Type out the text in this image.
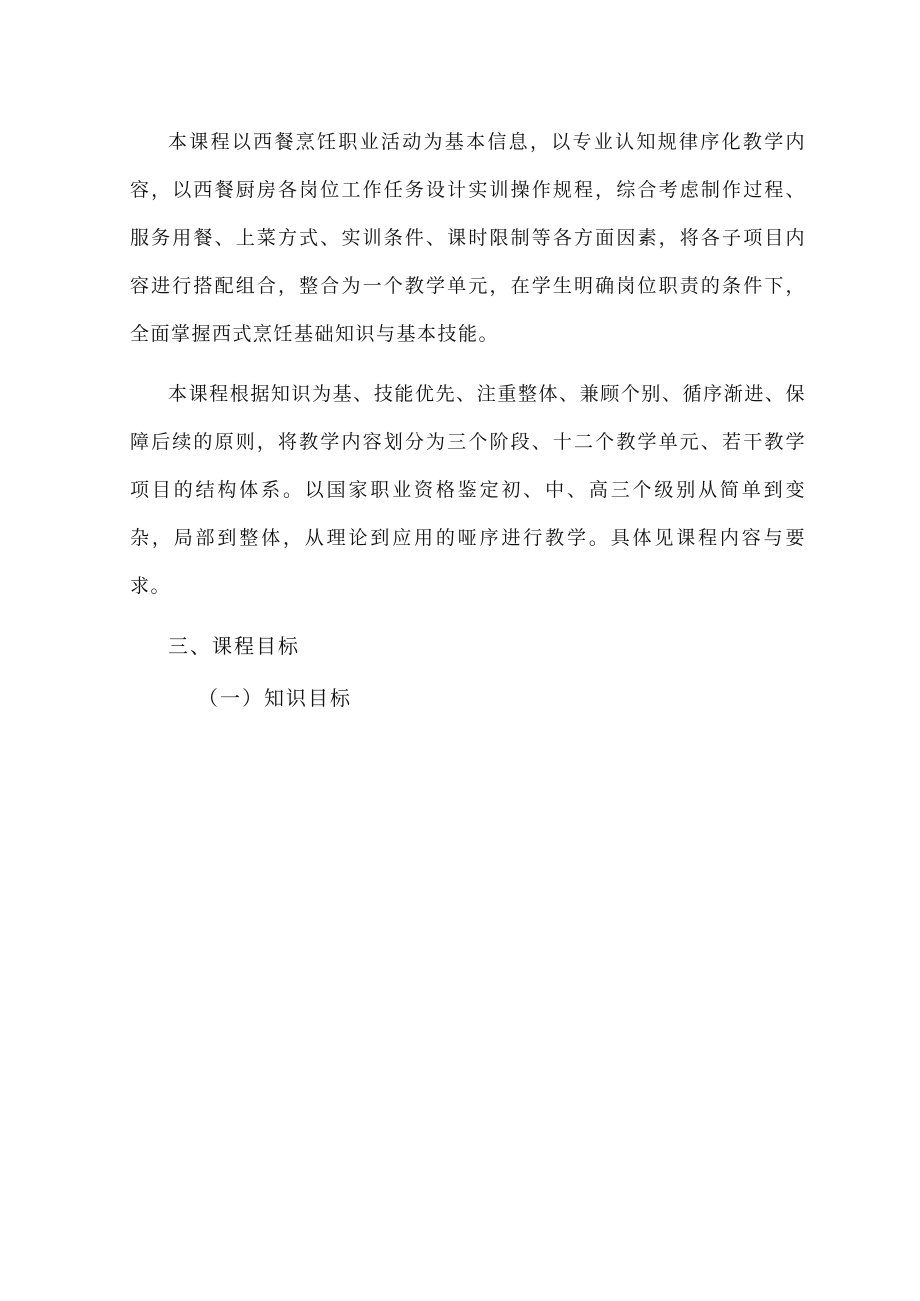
本课程以西餐烹饪职业活动为基本信息，以专业认知规律序化教学内容，以西餐厨房各岗位工作任务设计实训操作规程，综合考虑制作过程、服务用餐、上菜方式、实训条件、课时限制等各方面因素，将各子项目内容进行搭配组合，整合为一个教学单元，在学生明确岗位职责的条件下，全面掌握西式烹饪基础知识与基本技能。

本课程根据知识为基、技能优先、注重整体、兼顾个别、循序渐进、保障后续的原则，将教学内容划分为三个阶段、十二个教学单元、若干教学项目的结构体系。以国家职业资格鉴定初、中、高三个级别从简单到变杂，局部到整体，从理论到应用的哑序进行教学。具体见课程内容与要求。

三、课程目标
（一）知识目标
